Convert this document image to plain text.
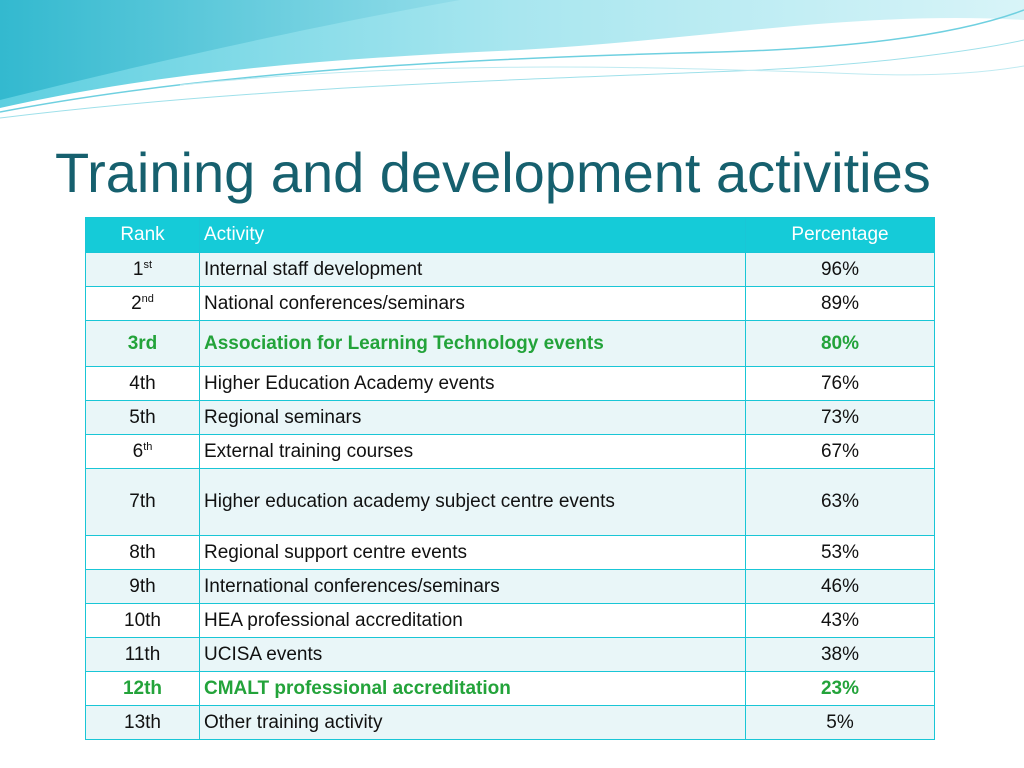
Training and development activities
Rank	Activity	Percentage
1st	Internal staff development	96%
2nd	National conferences/seminars	89%
3rd	Association for Learning Technology events	80%
4th	Higher Education Academy events	76%
5th	Regional seminars	73%
6th	External training courses	67%
7th	Higher education academy subject centre events	63%
8th	Regional support centre events	53%
9th	International conferences/seminars	46%
10th	HEA professional accreditation	43%
11th	UCISA events	38%
12th	CMALT professional accreditation	23%
13th	Other training activity	5%
